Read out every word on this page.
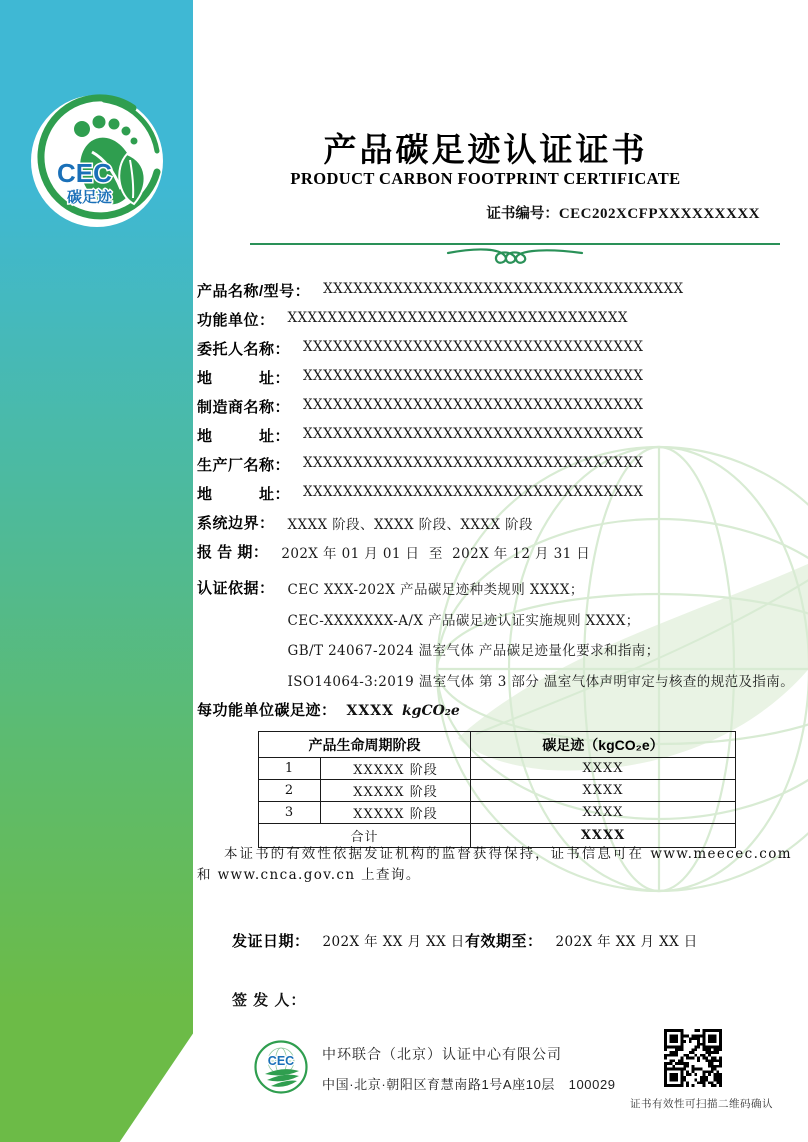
CEC
碳足迹
产品碳足迹认证证书
PRODUCT CARBON FOOTPRINT CERTIFICATE
证书编号：CEC202XCFPXXXXXXXXX
产品名称/型号： XXXXXXXXXXXXXXXXXXXXXXXXXXXXXXXXXXXX
功能单位： XXXXXXXXXXXXXXXXXXXXXXXXXXXXXXXXXX
委托人名称： XXXXXXXXXXXXXXXXXXXXXXXXXXXXXXXXXX
地　　　址： XXXXXXXXXXXXXXXXXXXXXXXXXXXXXXXXXX
制造商名称： XXXXXXXXXXXXXXXXXXXXXXXXXXXXXXXXXX
地　　　址： XXXXXXXXXXXXXXXXXXXXXXXXXXXXXXXXXX
生产厂名称： XXXXXXXXXXXXXXXXXXXXXXXXXXXXXXXXXX
地　　　址： XXXXXXXXXXXXXXXXXXXXXXXXXXXXXXXXXX
系统边界： XXXX 阶段、XXXX 阶段、XXXX 阶段
报 告 期： 202X 年 01 月 01 日  至  202X 年 12 月 31 日
认证依据： CEC XXX-202X 产品碳足迹种类规则 XXXX；
CEC-XXXXXXX-A/X 产品碳足迹认证实施规则 XXXX；
GB/T 24067-2024 温室气体 产品碳足迹量化要求和指南；
ISO14064-3:2019 温室气体 第 3 部分 温室气体声明审定与核查的规范及指南。
每功能单位碳足迹： XXXX kgCO₂e
产品生命周期阶段		碳足迹（kgCO₂e）
1	XXXXX 阶段	XXXX
2	XXXXX 阶段	XXXX
3	XXXXX 阶段	XXXX
合计		XXXX

本证书的有效性依据发证机构的监督获得保持，证书信息可在 www.meecec.com 和 www.cnca.gov.cn 上查询。

发证日期： 202X 年 XX 月 XX 日 有效期至： 202X 年 XX 月 XX 日
签 发 人：
CEC 中环联合（北京）认证中心有限公司
中国·北京·朝阳区育慧南路1号A座10层　100029
证书有效性可扫描二维码确认
